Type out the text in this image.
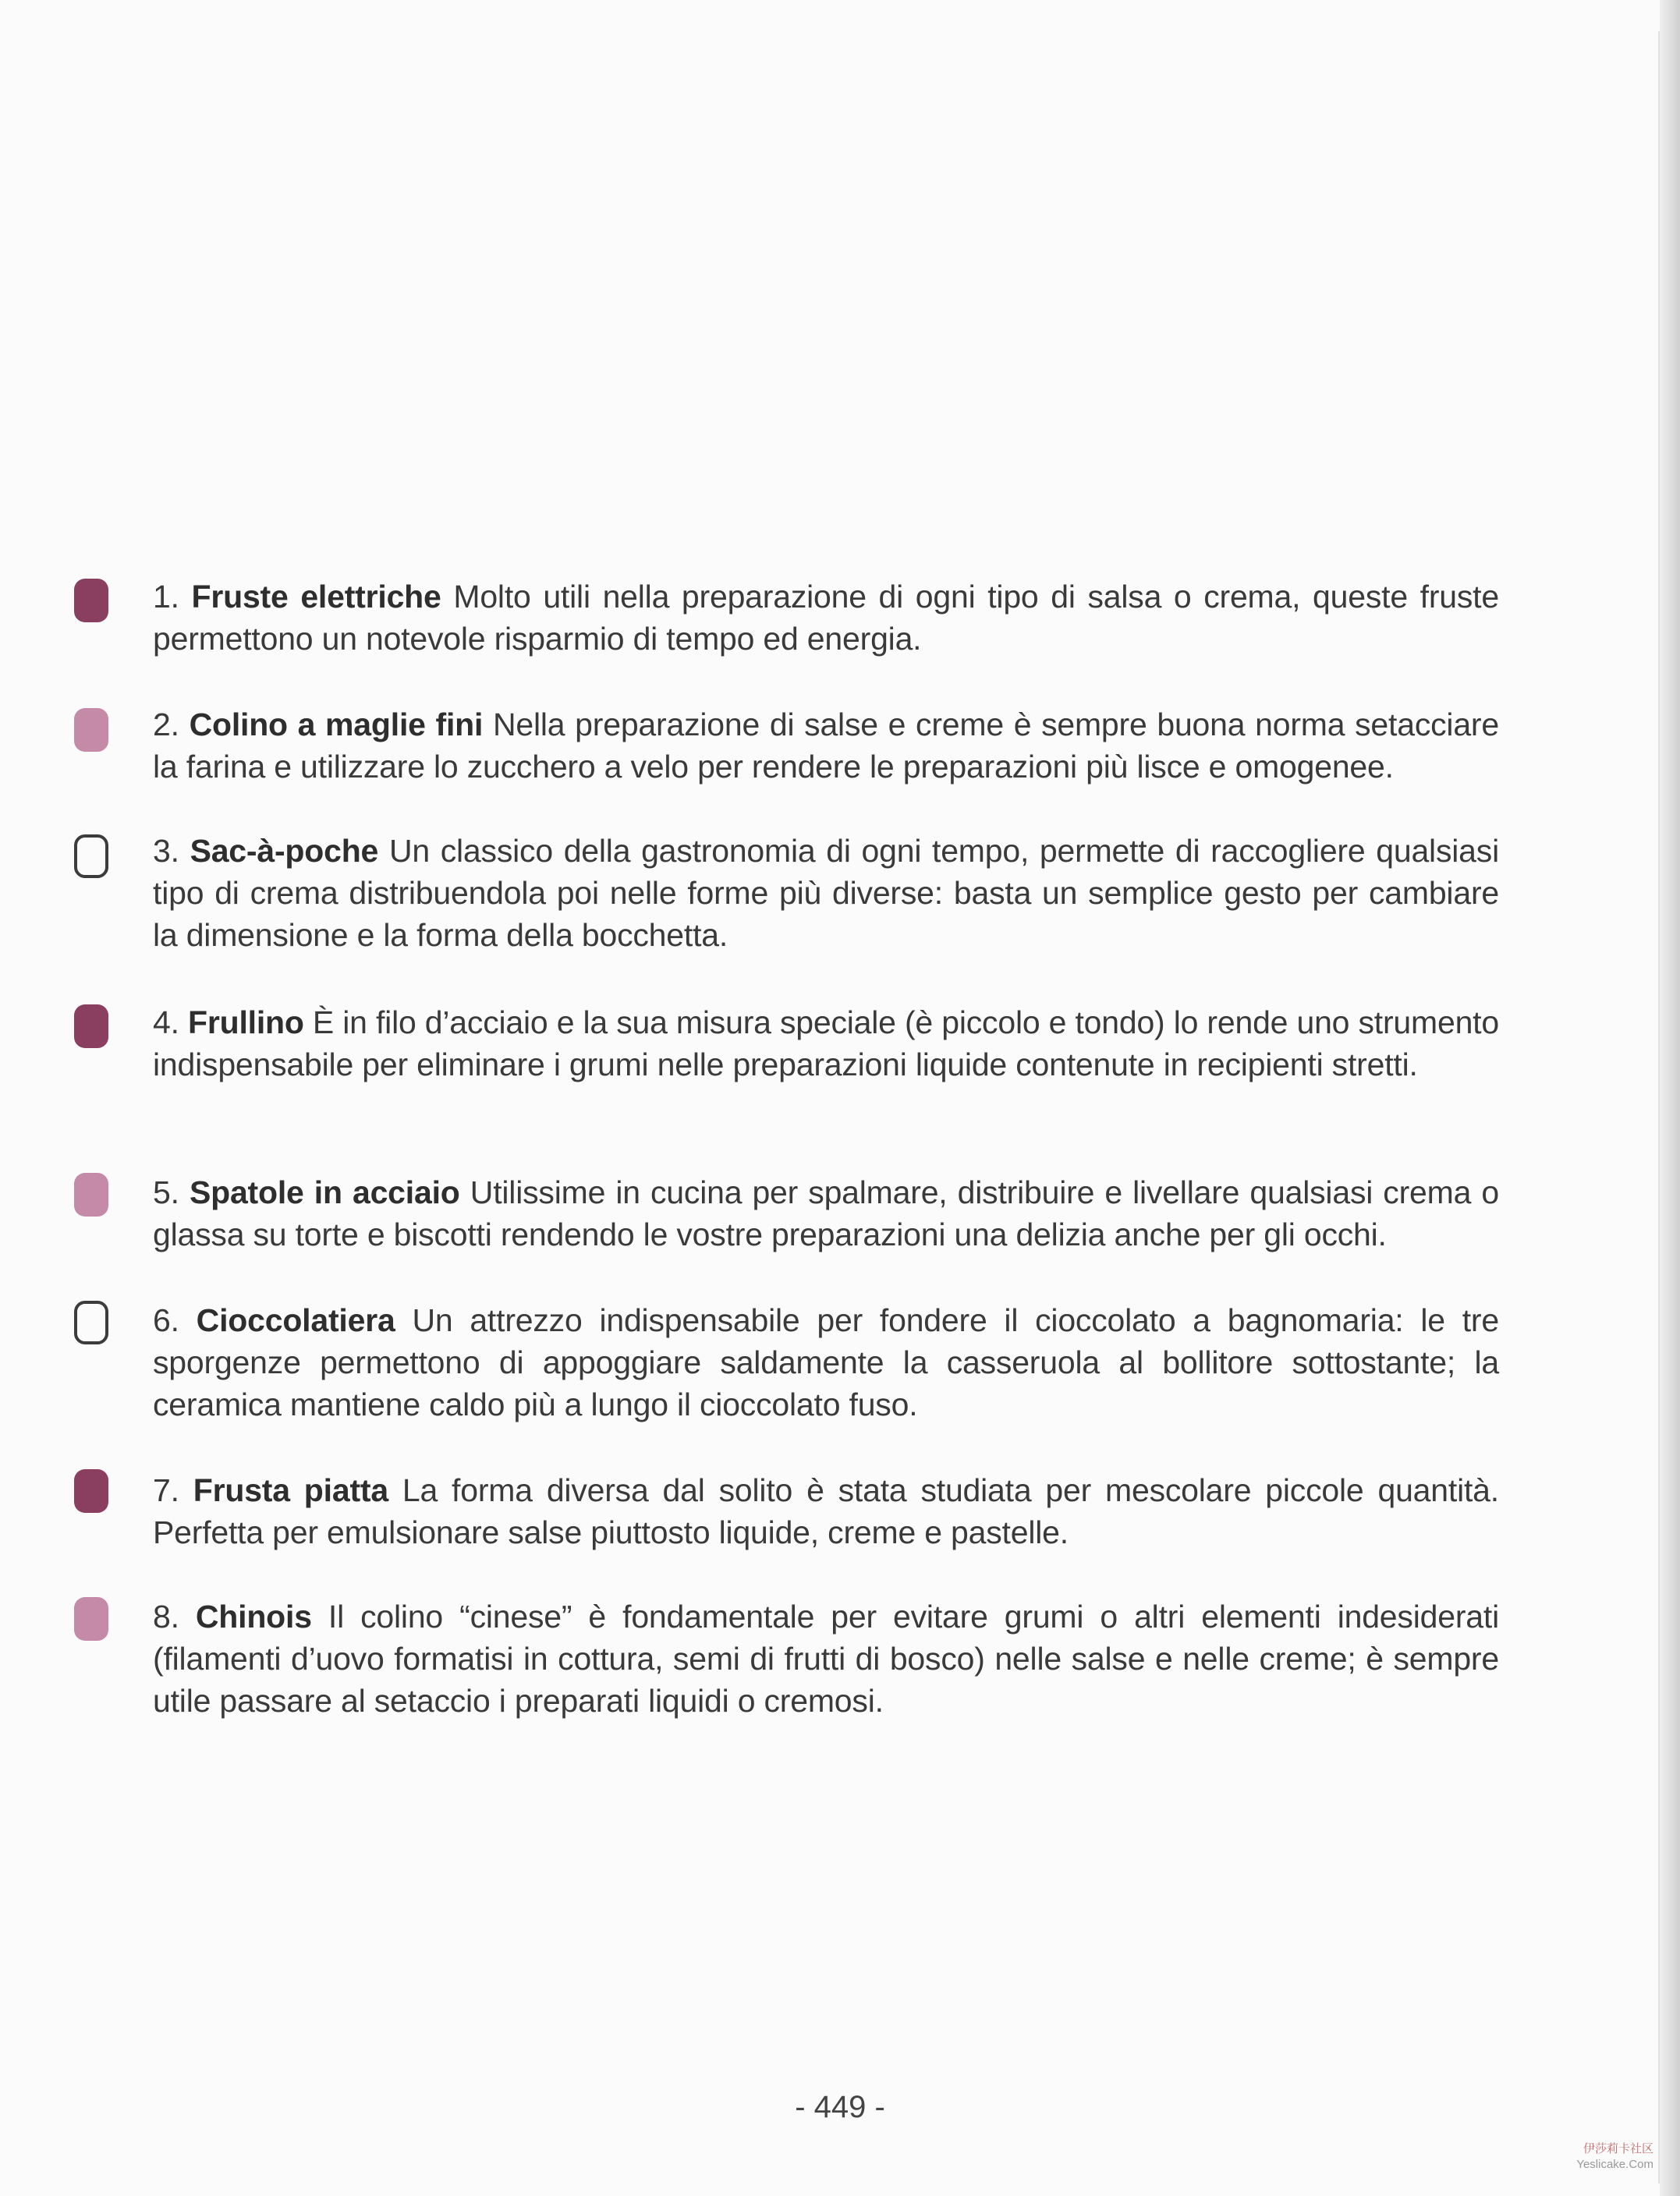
1. Fruste elettriche Molto utili nella preparazione di ogni tipo di salsa o crema, queste fruste permettono un notevole risparmio di tempo ed energia.

2. Colino a maglie fini Nella preparazione di salse e creme è sempre buona norma setacciare la farina e utilizzare lo zucchero a velo per rendere le preparazioni più lisce e omogenee.

3. Sac-à-poche Un classico della gastronomia di ogni tempo, permette di raccogliere qualsiasi tipo di crema distribuendola poi nelle forme più diverse: basta un semplice gesto per cambiare la dimensione e la forma della bocchetta.

4. Frullino È in filo d’acciaio e la sua misura speciale (è piccolo e tondo) lo rende uno strumento indispensabile per eliminare i grumi nelle preparazioni liquide contenute in recipienti stretti.

5. Spatole in acciaio Utilissime in cucina per spalmare, distribuire e livellare qualsiasi crema o glassa su torte e biscotti rendendo le vostre preparazioni una delizia anche per gli occhi.

6. Cioccolatiera Un attrezzo indispensabile per fondere il cioccolato a bagnomaria: le tre sporgenze permettono di appoggiare saldamente la casseruola al bollitore sottostante; la ceramica mantiene caldo più a lungo il cioccolato fuso.

7. Frusta piatta La forma diversa dal solito è stata studiata per mescolare piccole quantità. Perfetta per emulsionare salse piuttosto liquide, creme e pastelle.

8. Chinois Il colino “cinese” è fondamentale per evitare grumi o altri elementi indesiderati (filamenti d’uovo formatisi in cottura, semi di frutti di bosco) nelle salse e nelle creme; è sempre utile passare al setaccio i preparati liquidi o cremosi.

- 449 -
伊莎莉卡社区
Yeslicake.Com
